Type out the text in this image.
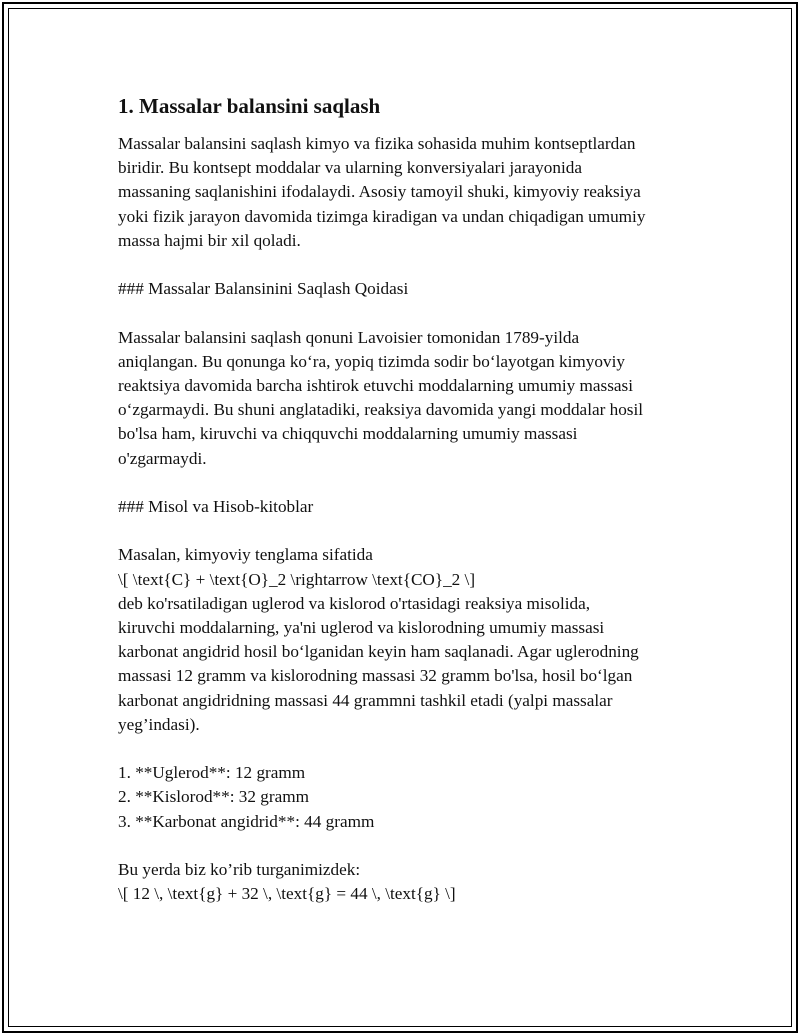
1. Massalar balansini saqlash

Massalar balansini saqlash kimyo va fizika sohasida muhim kontseptlardan
biridir. Bu kontsept moddalar va ularning konversiyalari jarayonida
massaning saqlanishini ifodalaydi. Asosiy tamoyil shuki, kimyoviy reaksiya
yoki fizik jarayon davomida tizimga kiradigan va undan chiqadigan umumiy
massa hajmi bir xil qoladi.

### Massalar Balansinini Saqlash Qoidasi

Massalar balansini saqlash qonuni Lavoisier tomonidan 1789-yilda
aniqlangan. Bu qonunga ko‘ra, yopiq tizimda sodir bo‘layotgan kimyoviy
reaktsiya davomida barcha ishtirok etuvchi moddalarning umumiy massasi
o‘zgarmaydi. Bu shuni anglatadiki, reaksiya davomida yangi moddalar hosil
bo'lsa ham, kiruvchi va chiqquvchi moddalarning umumiy massasi
o'zgarmaydi.

### Misol va Hisob-kitoblar

Masalan, kimyoviy tenglama sifatida
\[ \text{C} + \text{O}_2 \rightarrow \text{CO}_2 \]
deb ko'rsatiladigan uglerod va kislorod o'rtasidagi reaksiya misolida,
kiruvchi moddalarning, ya'ni uglerod va kislorodning umumiy massasi
karbonat angidrid hosil bo‘lganidan keyin ham saqlanadi. Agar uglerodning
massasi 12 gramm va kislorodning massasi 32 gramm bo'lsa, hosil bo‘lgan
karbonat angidridning massasi 44 grammni tashkil etadi (yalpi massalar
yeg’indasi).

1. **Uglerod**: 12 gramm
2. **Kislorod**: 32 gramm
3. **Karbonat angidrid**: 44 gramm

Bu yerda biz ko’rib turganimizdek:
\[ 12 \, \text{g} + 32 \, \text{g} = 44 \, \text{g} \]
